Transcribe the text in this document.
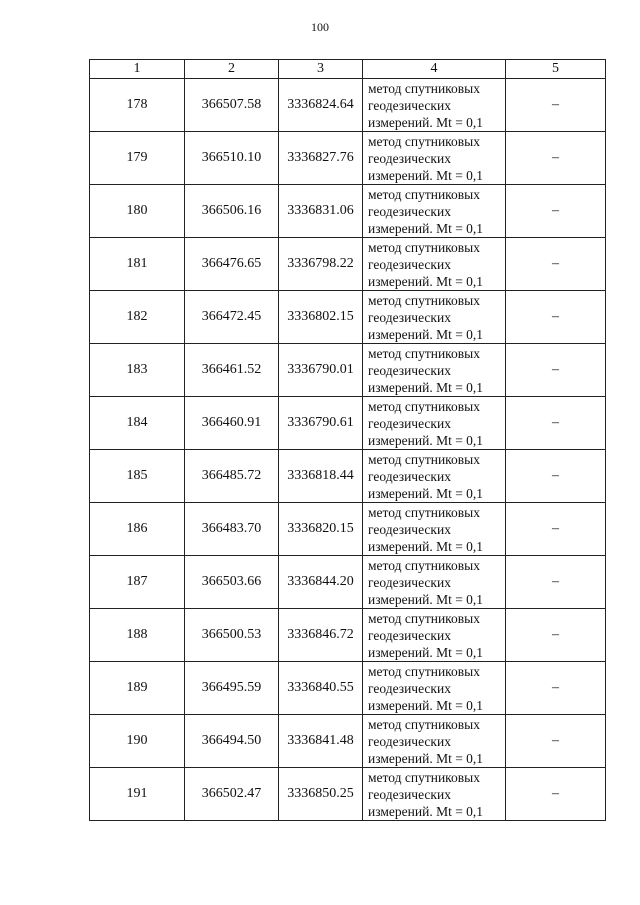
100
1	2	3	4	5
178	366507.58	3336824.64	метод спутниковых
геодезических
измерений. Mt = 0,1	–
179	366510.10	3336827.76	метод спутниковых
геодезических
измерений. Mt = 0,1	–
180	366506.16	3336831.06	метод спутниковых
геодезических
измерений. Mt = 0,1	–
181	366476.65	3336798.22	метод спутниковых
геодезических
измерений. Mt = 0,1	–
182	366472.45	3336802.15	метод спутниковых
геодезических
измерений. Mt = 0,1	–
183	366461.52	3336790.01	метод спутниковых
геодезических
измерений. Mt = 0,1	–
184	366460.91	3336790.61	метод спутниковых
геодезических
измерений. Mt = 0,1	–
185	366485.72	3336818.44	метод спутниковых
геодезических
измерений. Mt = 0,1	–
186	366483.70	3336820.15	метод спутниковых
геодезических
измерений. Mt = 0,1	–
187	366503.66	3336844.20	метод спутниковых
геодезических
измерений. Mt = 0,1	–
188	366500.53	3336846.72	метод спутниковых
геодезических
измерений. Mt = 0,1	–
189	366495.59	3336840.55	метод спутниковых
геодезических
измерений. Mt = 0,1	–
190	366494.50	3336841.48	метод спутниковых
геодезических
измерений. Mt = 0,1	–
191	366502.47	3336850.25	метод спутниковых
геодезических
измерений. Mt = 0,1	–
